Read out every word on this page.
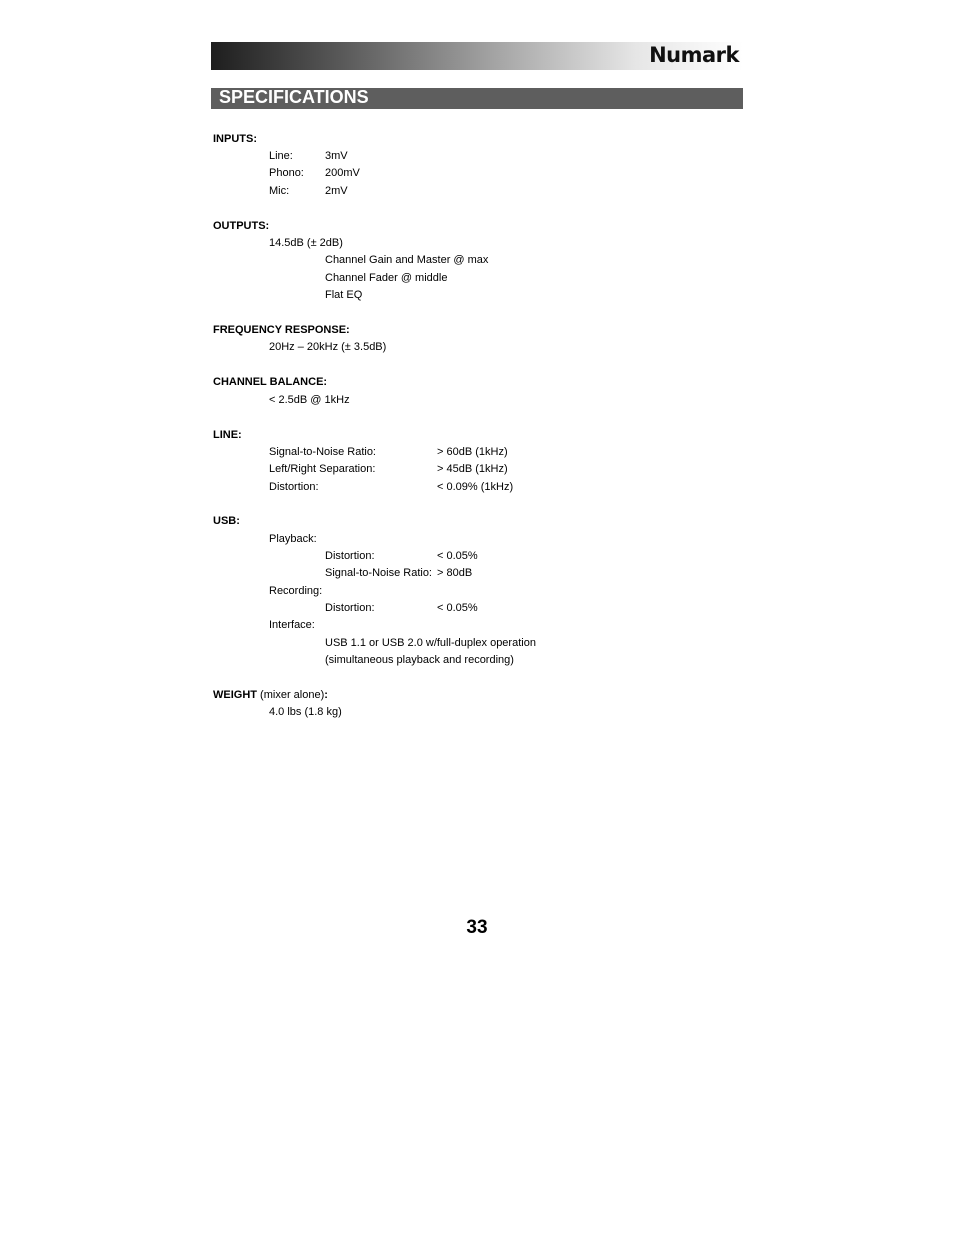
Numark
SPECIFICATIONS
INPUTS:
Line:	3mV
Phono: 200mV
Mic:	2mV
OUTPUTS:
14.5dB (± 2dB)
Channel Gain and Master @ max
Channel Fader @ middle
Flat EQ
FREQUENCY RESPONSE:
20Hz – 20kHz (± 3.5dB)
CHANNEL BALANCE:
< 2.5dB @ 1kHz
LINE:
Signal-to-Noise Ratio:	> 60dB (1kHz)
Left/Right Separation:	> 45dB (1kHz)
Distortion:	< 0.09% (1kHz)
USB:
Playback:
Distortion:	< 0.05%
Signal-to-Noise Ratio: > 80dB
Recording:
Distortion:	< 0.05%
Interface:
USB 1.1 or USB 2.0 w/full-duplex operation
(simultaneous playback and recording)
WEIGHT (mixer alone):
4.0 lbs (1.8 kg)
33
